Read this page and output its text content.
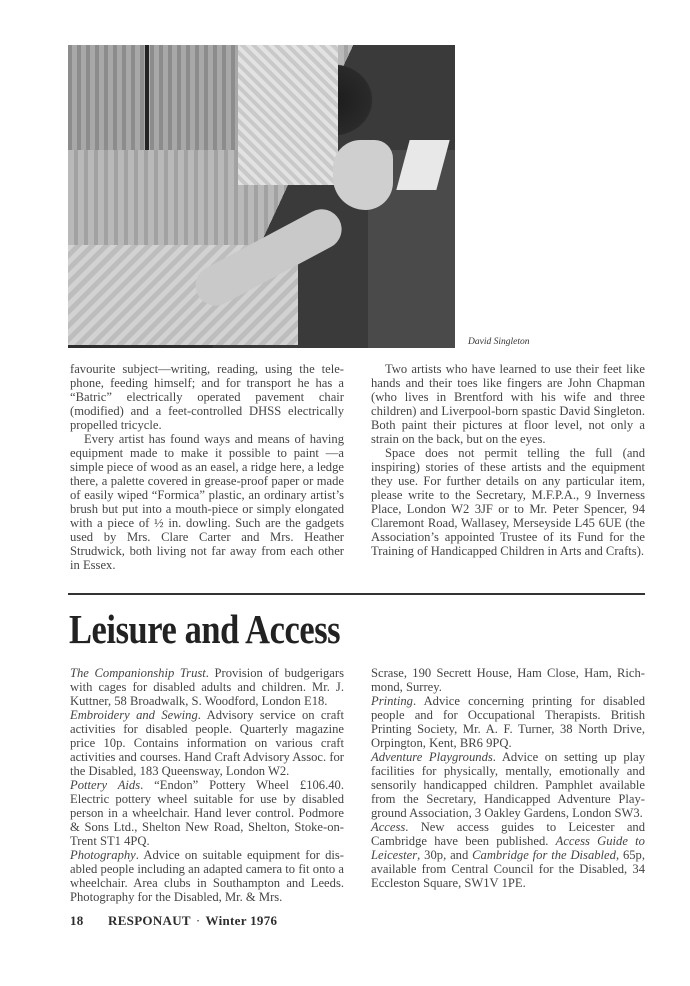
David Singleton

favourite subject—writing, reading, using the telephone, feeding himself; and for transport he has a “Batric” electrically operated pavement chair (modified) and a feet-controlled DHSS electrically propelled tricycle.

Every artist has found ways and means of having equipment made to make it possible to paint —a simple piece of wood as an easel, a ridge here, a ledge there, a palette covered in grease-proof paper or made of easily wiped “Formica” plastic, an ordinary artist’s brush but put into a mouth-piece or simply elongated with a piece of ½ in. dowling. Such are the gadgets used by Mrs. Clare Carter and Mrs. Heather Strudwick, both living not far away from each other in Essex.

Two artists who have learned to use their feet like hands and their toes like fingers are John Chapman (who lives in Brentford with his wife and three children) and Liverpool-born spastic David Singleton. Both paint their pictures at floor level, not only a strain on the back, but on the eyes.

Space does not permit telling the full (and inspiring) stories of these artists and the equipment they use. For further details on any particular item, please write to the Secretary, M.F.P.A., 9 Inverness Place, London W2 3JF or to Mr. Peter Spencer, 94 Claremont Road, Wallasey, Merseyside L45 6UE (the Association’s appointed Trustee of its Fund for the Training of Handicapped Children in Arts and Crafts).

Leisure and Access

The Companionship Trust. Provision of budgerigars with cages for disabled adults and children. Mr. J. Kuttner, 58 Broadwalk, S. Woodford, London E18.

Embroidery and Sewing. Advisory service on craft activities for disabled people. Quarterly magazine price 10p. Contains information on various craft activities and courses. Hand Craft Advisory Assoc. for the Disabled, 183 Queensway, London W2.

Pottery Aids. “Endon” Pottery Wheel £106.40. Electric pottery wheel suitable for use by disabled person in a wheelchair. Hand lever control. Podmore & Sons Ltd., Shelton New Road, Shelton, Stoke-on-Trent ST1 4PQ.

Photography. Advice on suitable equipment for disabled people including an adapted camera to fit onto a wheelchair. Area clubs in Southampton and Leeds. Photography for the Disabled, Mr. & Mrs.

Scrase, 190 Secrett House, Ham Close, Ham, Richmond, Surrey.

Printing. Advice concerning printing for disabled people and for Occupational Therapists. British Printing Society, Mr. A. F. Turner, 38 North Drive, Orpington, Kent, BR6 9PQ.

Adventure Playgrounds. Advice on setting up play facilities for physically, mentally, emotionally and sensorily handicapped children. Pamphlet available from the Secretary, Handicapped Adventure Playground Association, 3 Oakley Gardens, London SW3.

Access. New access guides to Leicester and Cambridge have been published. Access Guide to Leicester, 30p, and Cambridge for the Disabled, 65p, available from Central Council for the Disabled, 34 Eccleston Square, SW1V 1PE.

18 RESPONAUT · Winter 1976
